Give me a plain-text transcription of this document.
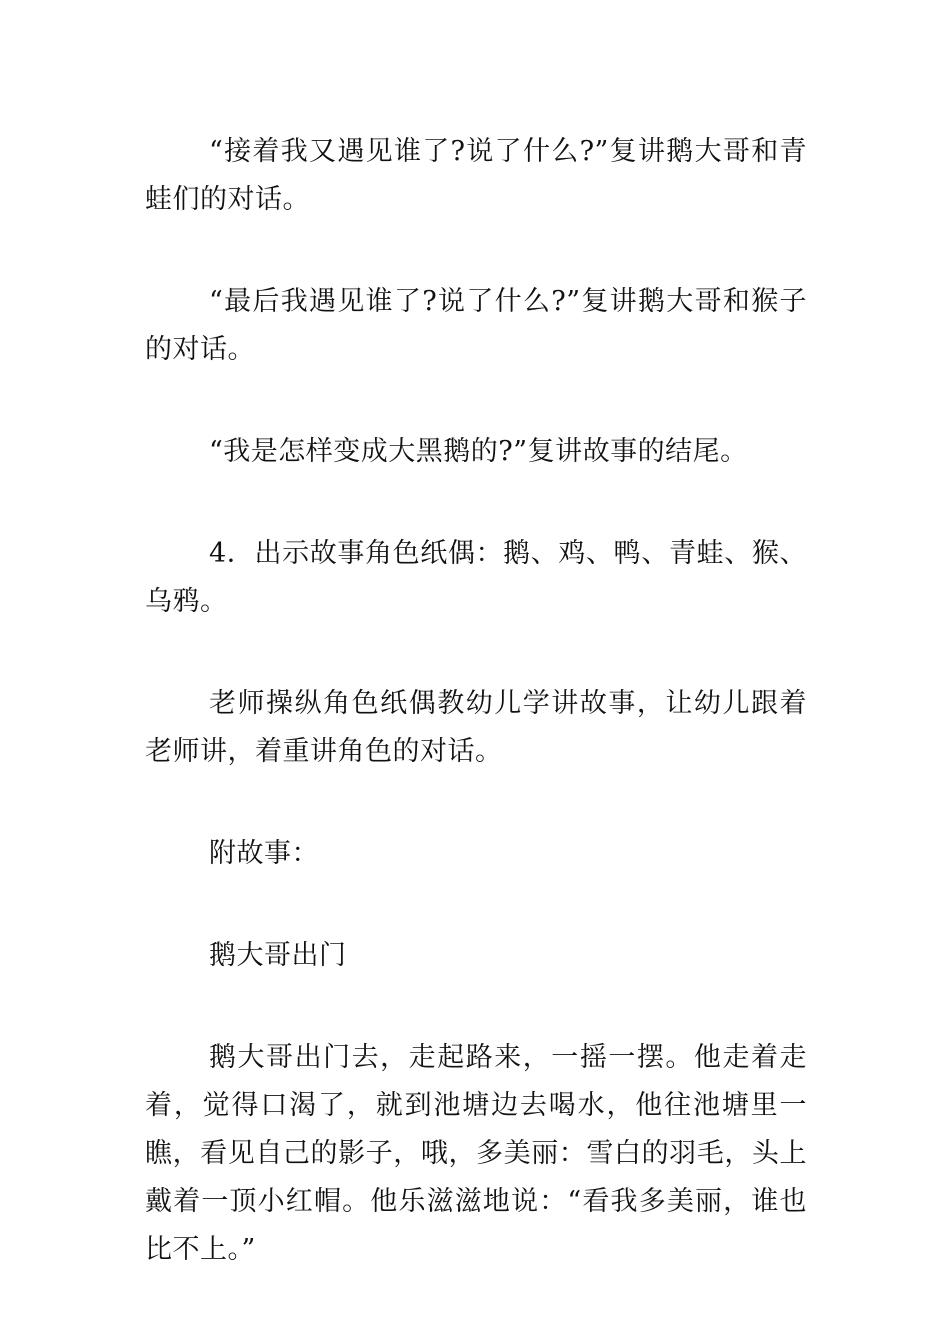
“接着我又遇见谁了?说了什么?”复讲鹅大哥和青蛙们的对话。

“最后我遇见谁了?说了什么?”复讲鹅大哥和猴子的对话。

“我是怎样变成大黑鹅的?”复讲故事的结尾。

4．出示故事角色纸偶：鹅、鸡、鸭、青蛙、猴、乌鸦。

老师操纵角色纸偶教幼儿学讲故事，让幼儿跟着老师讲，着重讲角色的对话。

附故事：

鹅大哥出门

鹅大哥出门去，走起路来，一摇一摆。他走着走着，觉得口渴了，就到池塘边去喝水，他往池塘里一瞧，看见自己的影子，哦，多美丽：雪白的羽毛，头上戴着一顶小红帽。他乐滋滋地说：“看我多美丽，谁也比不上。”
